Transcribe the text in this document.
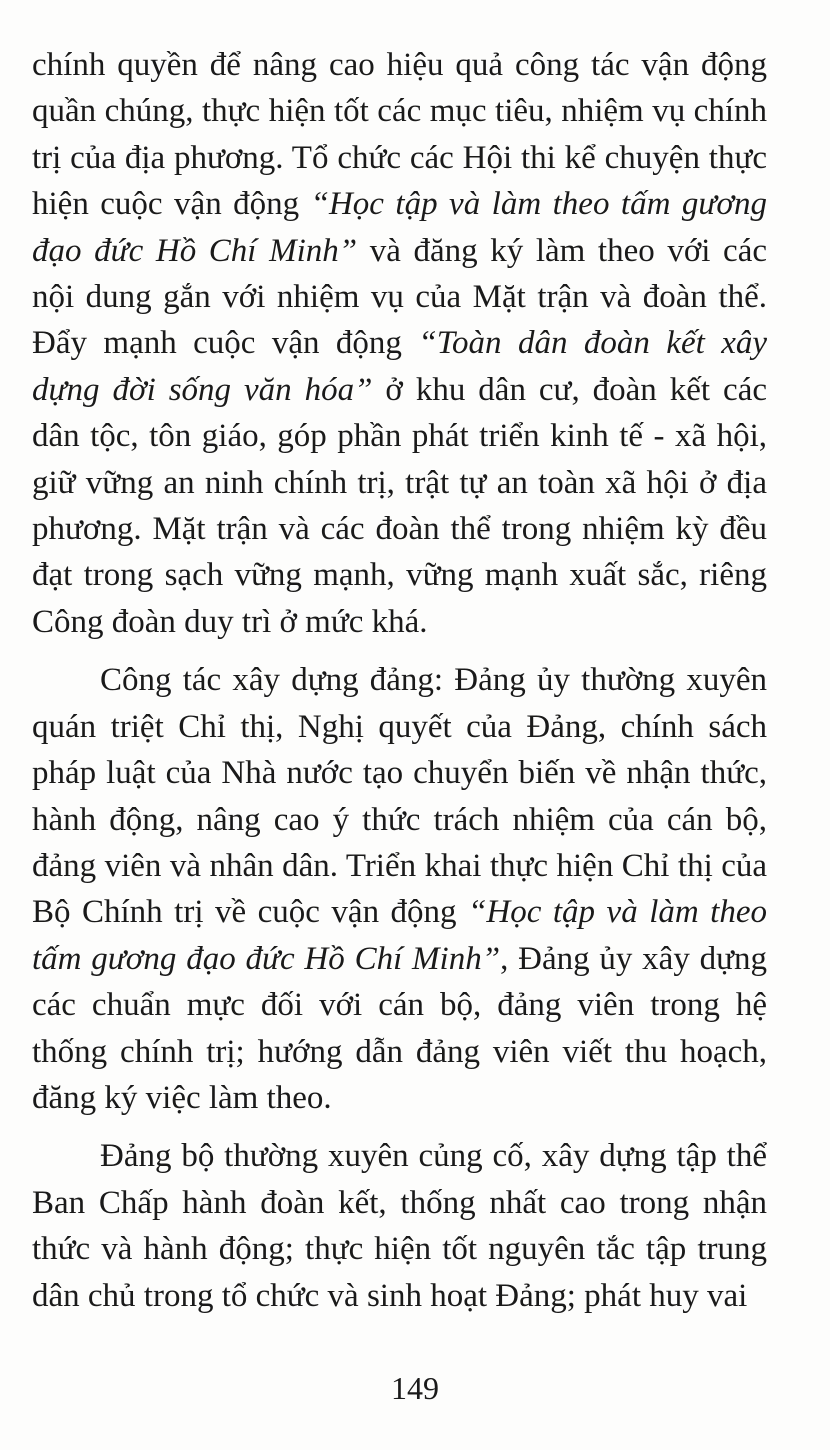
chính quyền để nâng cao hiệu quả công tác vận động quần chúng, thực hiện tốt các mục tiêu, nhiệm vụ chính trị của địa phương. Tổ chức các Hội thi kể chuyện thực hiện cuộc vận động “Học tập và làm theo tấm gương đạo đức Hồ Chí Minh” và đăng ký làm theo với các nội dung gắn với nhiệm vụ của Mặt trận và đoàn thể. Đẩy mạnh cuộc vận động “Toàn dân đoàn kết xây dựng đời sống văn hóa” ở khu dân cư, đoàn kết các dân tộc, tôn giáo, góp phần phát triển kinh tế - xã hội, giữ vững an ninh chính trị, trật tự an toàn xã hội ở địa phương. Mặt trận và các đoàn thể trong nhiệm kỳ đều đạt trong sạch vững mạnh, vững mạnh xuất sắc, riêng Công đoàn duy trì ở mức khá.

Công tác xây dựng đảng: Đảng ủy thường xuyên quán triệt Chỉ thị, Nghị quyết của Đảng, chính sách pháp luật của Nhà nước tạo chuyển biến về nhận thức, hành động, nâng cao ý thức trách nhiệm của cán bộ, đảng viên và nhân dân. Triển khai thực hiện Chỉ thị của Bộ Chính trị về cuộc vận động “Học tập và làm theo tấm gương đạo đức Hồ Chí Minh”, Đảng ủy xây dựng các chuẩn mực đối với cán bộ, đảng viên trong hệ thống chính trị; hướng dẫn đảng viên viết thu hoạch, đăng ký việc làm theo.

Đảng bộ thường xuyên củng cố, xây dựng tập thể Ban Chấp hành đoàn kết, thống nhất cao trong nhận thức và hành động; thực hiện tốt nguyên tắc tập trung dân chủ trong tổ chức và sinh hoạt Đảng; phát huy vai

149
